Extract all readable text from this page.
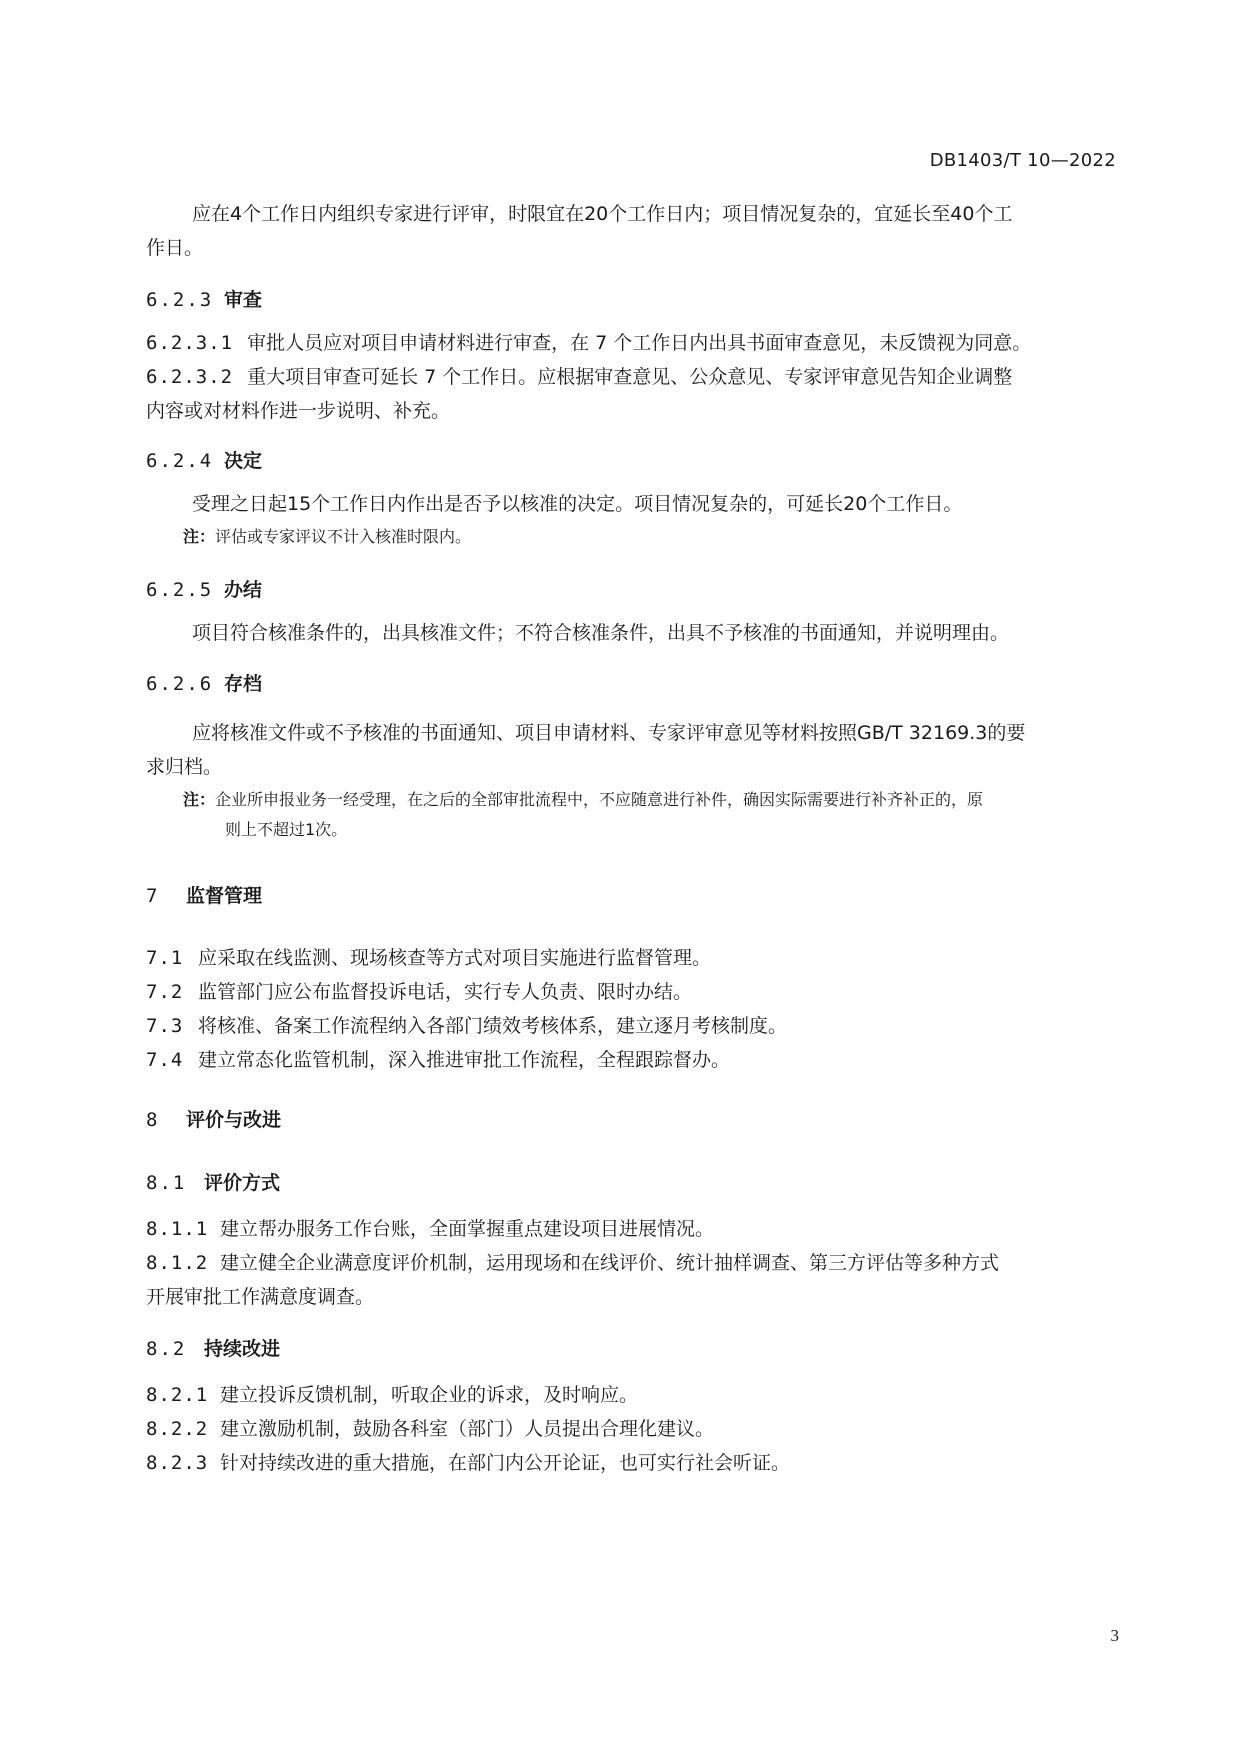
DB1403/T 10—2022
应在4个工作日内组织专家进行评审，时限宜在20个工作日内；项目情况复杂的，宜延长至40个工
作日。
6.2.3 审查
6.2.3.1 审批人员应对项目申请材料进行审查，在 7 个工作日内出具书面审查意见，未反馈视为同意。
6.2.3.2 重大项目审查可延长 7 个工作日。应根据审查意见、公众意见、专家评审意见告知企业调整
内容或对材料作进一步说明、补充。
6.2.4 决定
受理之日起15个工作日内作出是否予以核准的决定。项目情况复杂的，可延长20个工作日。
注：评估或专家评议不计入核准时限内。
6.2.5 办结
项目符合核准条件的，出具核准文件；不符合核准条件，出具不予核准的书面通知，并说明理由。
6.2.6 存档
应将核准文件或不予核准的书面通知、项目申请材料、专家评审意见等材料按照GB/T 32169.3的要
求归档。
注：企业所申报业务一经受理，在之后的全部审批流程中，不应随意进行补件，确因实际需要进行补齐补正的，原
则上不超过1次。
7 监督管理
7.1 应采取在线监测、现场核查等方式对项目实施进行监督管理。
7.2 监管部门应公布监督投诉电话，实行专人负责、限时办结。
7.3 将核准、备案工作流程纳入各部门绩效考核体系，建立逐月考核制度。
7.4 建立常态化监管机制，深入推进审批工作流程，全程跟踪督办。
8 评价与改进
8.1 评价方式
8.1.1 建立帮办服务工作台账，全面掌握重点建设项目进展情况。
8.1.2 建立健全企业满意度评价机制，运用现场和在线评价、统计抽样调查、第三方评估等多种方式
开展审批工作满意度调查。
8.2 持续改进
8.2.1 建立投诉反馈机制，听取企业的诉求，及时响应。
8.2.2 建立激励机制，鼓励各科室（部门）人员提出合理化建议。
8.2.3 针对持续改进的重大措施，在部门内公开论证，也可实行社会听证。
3
